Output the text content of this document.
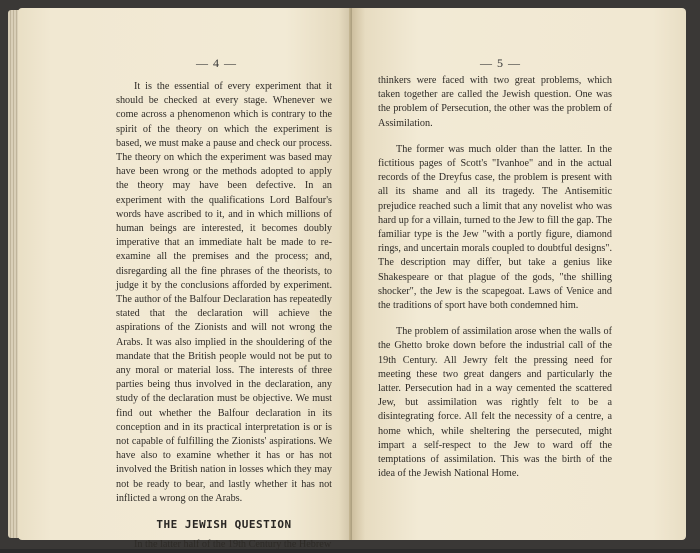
— 4 —

It is the essential of every experiment that it should be checked at every stage. Whenever we come across a phenomenon which is contrary to the spirit of the theory on which the experiment is based, we must make a pause and check our process. The theory on which the experiment was based may have been wrong or the methods adopted to apply the theory may have been defective. In an experiment with the qualifications Lord Balfour's words have ascribed to it, and in which millions of human beings are interested, it becomes doubly imperative that an immediate halt be made to re-examine all the premises and the process; and, disregarding all the fine phrases of the theorists, to judge it by the conclusions afforded by experiment. The author of the Balfour Declaration has repeatedly stated that the declaration will achieve the aspirations of the Zionists and will not wrong the Arabs. It was also implied in the shouldering of the mandate that the British people would not be put to any moral or material loss. The interests of three parties being thus involved in the declaration, any study of the declaration must be objective. We must find out whether the Balfour declaration in its conception and in its practical interpretation is or is not capable of fulfilling the Zionists' aspirations. We have also to examine whether it has or has not involved the British nation in losses which they may not be ready to bear, and lastly whether it has not inflicted a wrong on the Arabs.

THE JEWISH QUESTION

In the latter half of the 19th Century the Hebrew

— 5 —

thinkers were faced with two great problems, which taken together are called the Jewish question. One was the problem of Persecution, the other was the problem of Assimilation.

The former was much older than the latter. In the fictitious pages of Scott's "Ivanhoe" and in the actual records of the Dreyfus case, the problem is present with all its shame and all its tragedy. The Antisemitic prejudice reached such a limit that any novelist who was hard up for a villain, turned to the Jew to fill the gap. The familiar type is the Jew "with a portly figure, diamond rings, and uncertain morals coupled to doubtful designs". The description may differ, but take a genius like Shakespeare or that plague of the gods, "the shilling shocker", the Jew is the scapegoat. Laws of Venice and the traditions of sport have both condemned him.

The problem of assimilation arose when the walls of the Ghetto broke down before the industrial call of the 19th Century. All Jewry felt the pressing need for meeting these two great dangers and particularly the latter. Persecution had in a way cemented the scattered Jew, but assimilation was rightly felt to be a disintegrating force. All felt the necessity of a centre, a home which, while sheltering the persecuted, might impart a self-respect to the Jew to ward off the temptations of assimilation. This was the birth of the idea of the Jewish National Home.
